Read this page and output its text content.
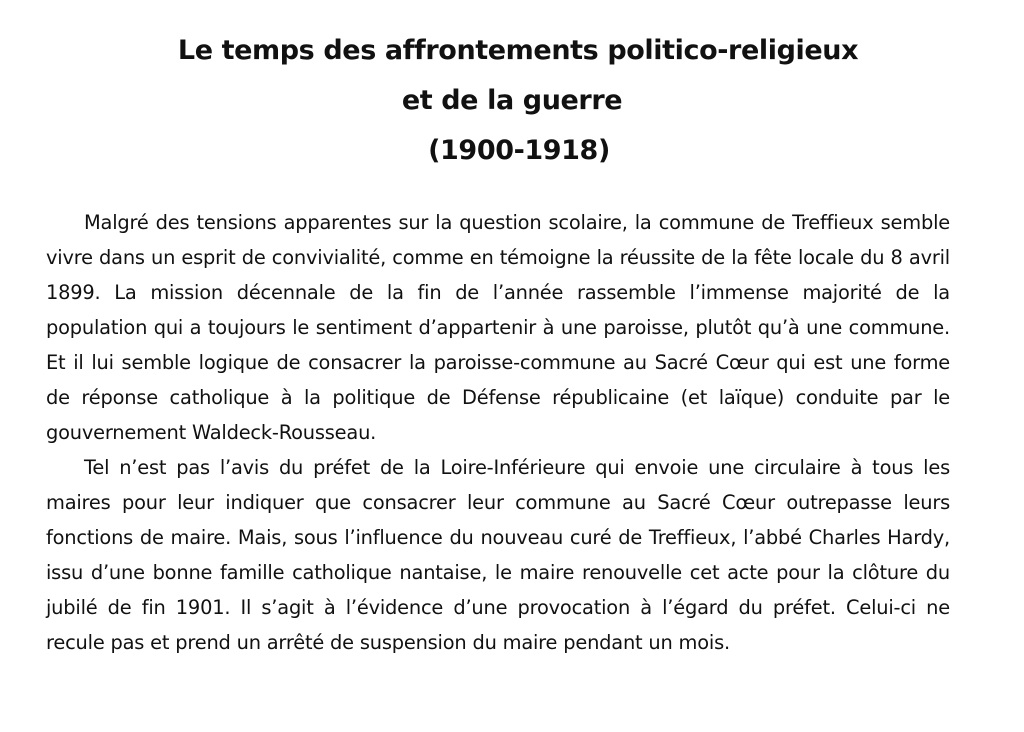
Le temps des affrontements politico-religieux
et de la guerre
(1900-1918)

Malgré des tensions apparentes sur la question scolaire, la commune de Treffieux semble vivre dans un esprit de convivialité, comme en témoigne la réussite de la fête locale du 8 avril 1899. La mission décennale de la fin de l’année rassemble l’immense majorité de la population qui a toujours le sentiment d’appartenir à une paroisse, plutôt qu’à une commune. Et il lui semble logique de consacrer la paroisse-commune au Sacré Cœur qui est une forme de réponse catholique à la politique de Défense républicaine (et laïque) conduite par le gouvernement Waldeck-Rousseau.

Tel n’est pas l’avis du préfet de la Loire-Inférieure qui envoie une circulaire à tous les maires pour leur indiquer que consacrer leur commune au Sacré Cœur outrepasse leurs fonctions de maire. Mais, sous l’influence du nouveau curé de Treffieux, l’abbé Charles Hardy, issu d’une bonne famille catholique nantaise, le maire renouvelle cet acte pour la clôture du jubilé de fin 1901. Il s’agit à l’évidence d’une provocation à l’égard du préfet. Celui-ci ne recule pas et prend un arrêté de suspension du maire pendant un mois.
